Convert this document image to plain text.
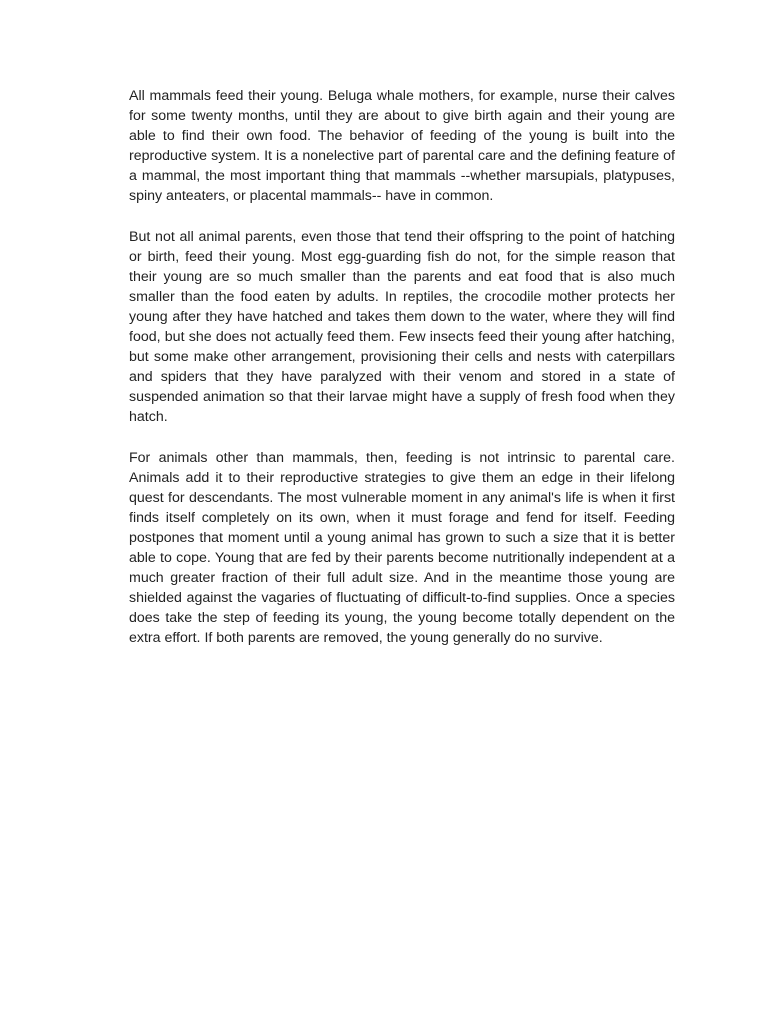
All mammals feed their young. Beluga whale mothers, for example, nurse their calves for some twenty months, until they are about to give birth again and their young are able to find their own food. The behavior of feeding of the young is built into the reproductive system. It is a nonelective part of parental care and the defining feature of a mammal, the most important thing that mammals --whether marsupials, platypuses, spiny anteaters, or placental mammals-- have in common.

But not all animal parents, even those that tend their offspring to the point of hatching or birth, feed their young. Most egg-guarding fish do not, for the simple reason that their young are so much smaller than the parents and eat food that is also much smaller than the food eaten by adults. In reptiles, the crocodile mother protects her young after they have hatched and takes them down to the water, where they will find food, but she does not actually feed them. Few insects feed their young after hatching, but some make other arrangement, provisioning their cells and nests with caterpillars and spiders that they have paralyzed with their venom and stored in a state of suspended animation so that their larvae might have a supply of fresh food when they hatch.

For animals other than mammals, then, feeding is not intrinsic to parental care. Animals add it to their reproductive strategies to give them an edge in their lifelong quest for descendants. The most vulnerable moment in any animal's life is when it first finds itself completely on its own, when it must forage and fend for itself. Feeding postpones that moment until a young animal has grown to such a size that it is better able to cope. Young that are fed by their parents become nutritionally independent at a much greater fraction of their full adult size. And in the meantime those young are shielded against the vagaries of fluctuating of difficult-to-find supplies. Once a species does take the step of feeding its young, the young become totally dependent on the extra effort. If both parents are removed, the young generally do no survive.
